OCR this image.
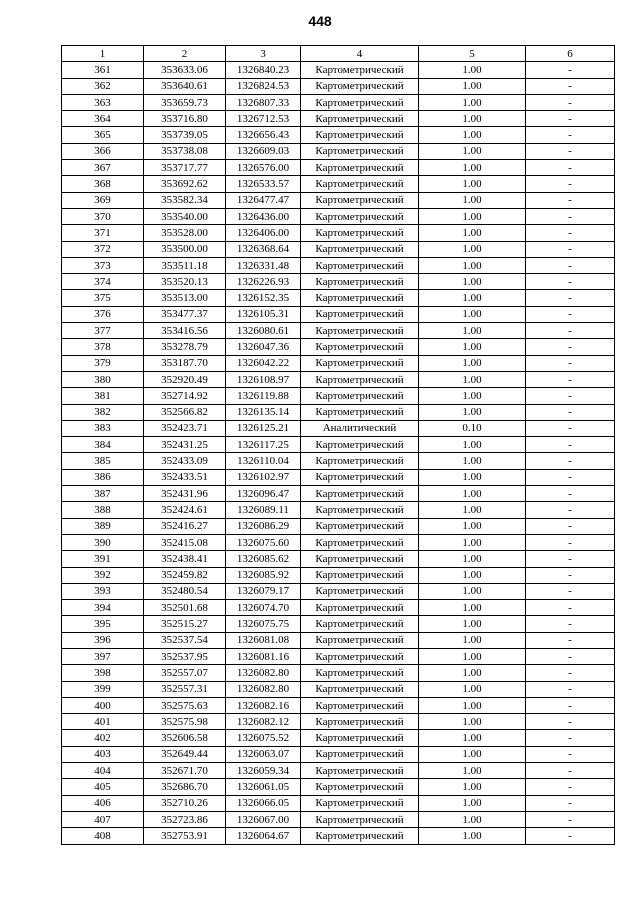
448
1	2	3	4	5	6
361	353633.06	1326840.23	Картометрический	1.00	-
362	353640.61	1326824.53	Картометрический	1.00	-
363	353659.73	1326807.33	Картометрический	1.00	-
364	353716.80	1326712.53	Картометрический	1.00	-
365	353739.05	1326656.43	Картометрический	1.00	-
366	353738.08	1326609.03	Картометрический	1.00	-
367	353717.77	1326576.00	Картометрический	1.00	-
368	353692.62	1326533.57	Картометрический	1.00	-
369	353582.34	1326477.47	Картометрический	1.00	-
370	353540.00	1326436.00	Картометрический	1.00	-
371	353528.00	1326406.00	Картометрический	1.00	-
372	353500.00	1326368.64	Картометрический	1.00	-
373	353511.18	1326331.48	Картометрический	1.00	-
374	353520.13	1326226.93	Картометрический	1.00	-
375	353513.00	1326152.35	Картометрический	1.00	-
376	353477.37	1326105.31	Картометрический	1.00	-
377	353416.56	1326080.61	Картометрический	1.00	-
378	353278.79	1326047.36	Картометрический	1.00	-
379	353187.70	1326042.22	Картометрический	1.00	-
380	352920.49	1326108.97	Картометрический	1.00	-
381	352714.92	1326119.88	Картометрический	1.00	-
382	352566.82	1326135.14	Картометрический	1.00	-
383	352423.71	1326125.21	Аналитический	0.10	-
384	352431.25	1326117.25	Картометрический	1.00	-
385	352433.09	1326110.04	Картометрический	1.00	-
386	352433.51	1326102.97	Картометрический	1.00	-
387	352431.96	1326096.47	Картометрический	1.00	-
388	352424.61	1326089.11	Картометрический	1.00	-
389	352416.27	1326086.29	Картометрический	1.00	-
390	352415.08	1326075.60	Картометрический	1.00	-
391	352438.41	1326085.62	Картометрический	1.00	-
392	352459.82	1326085.92	Картометрический	1.00	-
393	352480.54	1326079.17	Картометрический	1.00	-
394	352501.68	1326074.70	Картометрический	1.00	-
395	352515.27	1326075.75	Картометрический	1.00	-
396	352537.54	1326081.08	Картометрический	1.00	-
397	352537.95	1326081.16	Картометрический	1.00	-
398	352557.07	1326082.80	Картометрический	1.00	-
399	352557.31	1326082.80	Картометрический	1.00	-
400	352575.63	1326082.16	Картометрический	1.00	-
401	352575.98	1326082.12	Картометрический	1.00	-
402	352606.58	1326075.52	Картометрический	1.00	-
403	352649.44	1326063.07	Картометрический	1.00	-
404	352671.70	1326059.34	Картометрический	1.00	-
405	352686.70	1326061.05	Картометрический	1.00	-
406	352710.26	1326066.05	Картометрический	1.00	-
407	352723.86	1326067.00	Картометрический	1.00	-
408	352753.91	1326064.67	Картометрический	1.00	-
